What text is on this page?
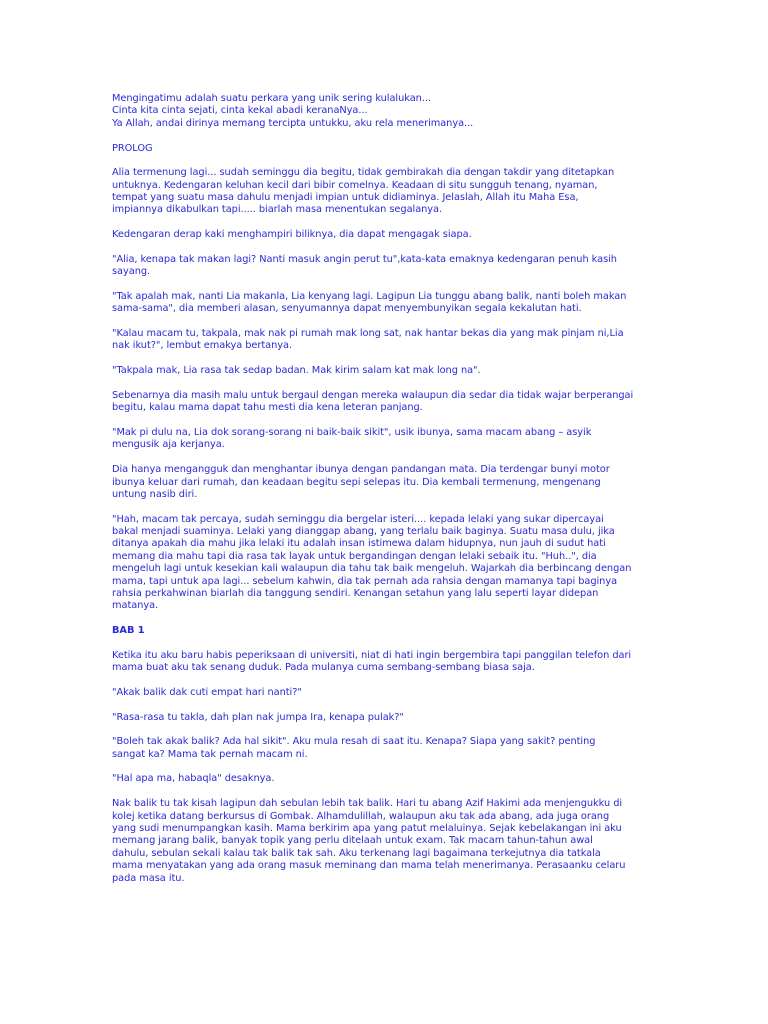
Mengingatimu adalah suatu perkara yang unik sering kulalukan...
Cinta kita cinta sejati, cinta kekal abadi keranaNya...
Ya Allah, andai dirinya memang tercipta untukku, aku rela menerimanya...

PROLOG

Alia termenung lagi... sudah seminggu dia begitu, tidak gembirakah dia dengan takdir yang ditetapkan
untuknya. Kedengaran keluhan kecil dari bibir comelnya. Keadaan di situ sungguh tenang, nyaman,
tempat yang suatu masa dahulu menjadi impian untuk didiaminya. Jelaslah, Allah itu Maha Esa,
impiannya dikabulkan tapi..... biarlah masa menentukan segalanya.

Kedengaran derap kaki menghampiri biliknya, dia dapat mengagak siapa.

"Alia, kenapa tak makan lagi? Nanti masuk angin perut tu",kata-kata emaknya kedengaran penuh kasih
sayang.

"Tak apalah mak, nanti Lia makanla, Lia kenyang lagi. Lagipun Lia tunggu abang balik, nanti boleh makan
sama-sama", dia memberi alasan, senyumannya dapat menyembunyikan segala kekalutan hati.

"Kalau macam tu, takpala, mak nak pi rumah mak long sat, nak hantar bekas dia yang mak pinjam ni,Lia
nak ikut?", lembut emakya bertanya.

"Takpala mak, Lia rasa tak sedap badan. Mak kirim salam kat mak long na".

Sebenarnya dia masih malu untuk bergaul dengan mereka walaupun dia sedar dia tidak wajar berperangai
begitu, kalau mama dapat tahu mesti dia kena leteran panjang.

"Mak pi dulu na, Lia dok sorang-sorang ni baik-baik sikit", usik ibunya, sama macam abang – asyik
mengusik aja kerjanya.

Dia hanya mengangguk dan menghantar ibunya dengan pandangan mata. Dia terdengar bunyi motor
ibunya keluar dari rumah, dan keadaan begitu sepi selepas itu. Dia kembali termenung, mengenang
untung nasib diri.

"Hah, macam tak percaya, sudah seminggu dia bergelar isteri.... kepada lelaki yang sukar dipercayai
bakal menjadi suaminya. Lelaki yang dianggap abang, yang terlalu baik baginya. Suatu masa dulu, jika
ditanya apakah dia mahu jika lelaki itu adalah insan istimewa dalam hidupnya, nun jauh di sudut hati
memang dia mahu tapi dia rasa tak layak untuk bergandingan dengan lelaki sebaik itu. "Huh..", dia
mengeluh lagi untuk kesekian kali walaupun dia tahu tak baik mengeluh. Wajarkah dia berbincang dengan
mama, tapi untuk apa lagi... sebelum kahwin, dia tak pernah ada rahsia dengan mamanya tapi baginya
rahsia perkahwinan biarlah dia tanggung sendiri. Kenangan setahun yang lalu seperti layar didepan
matanya.

BAB 1

Ketika itu aku baru habis peperiksaan di universiti, niat di hati ingin bergembira tapi panggilan telefon dari
mama buat aku tak senang duduk. Pada mulanya cuma sembang-sembang biasa saja.

"Akak balik dak cuti empat hari nanti?"

"Rasa-rasa tu takla, dah plan nak jumpa Ira, kenapa pulak?"

"Boleh tak akak balik? Ada hal sikit". Aku mula resah di saat itu. Kenapa? Siapa yang sakit? penting
sangat ka? Mama tak pernah macam ni.

"Hal apa ma, habaqla" desaknya.

Nak balik tu tak kisah lagipun dah sebulan lebih tak balik. Hari tu abang Azif Hakimi ada menjengukku di
kolej ketika datang berkursus di Gombak. Alhamdulillah, walaupun aku tak ada abang, ada juga orang
yang sudi menumpangkan kasih. Mama berkirim apa yang patut melaluinya. Sejak kebelakangan ini aku
memang jarang balik, banyak topik yang perlu ditelaah untuk exam. Tak macam tahun-tahun awal
dahulu, sebulan sekali kalau tak balik tak sah. Aku terkenang lagi bagaimana terkejutnya dia tatkala
mama menyatakan yang ada orang masuk meminang dan mama telah menerimanya. Perasaanku celaru
pada masa itu.
